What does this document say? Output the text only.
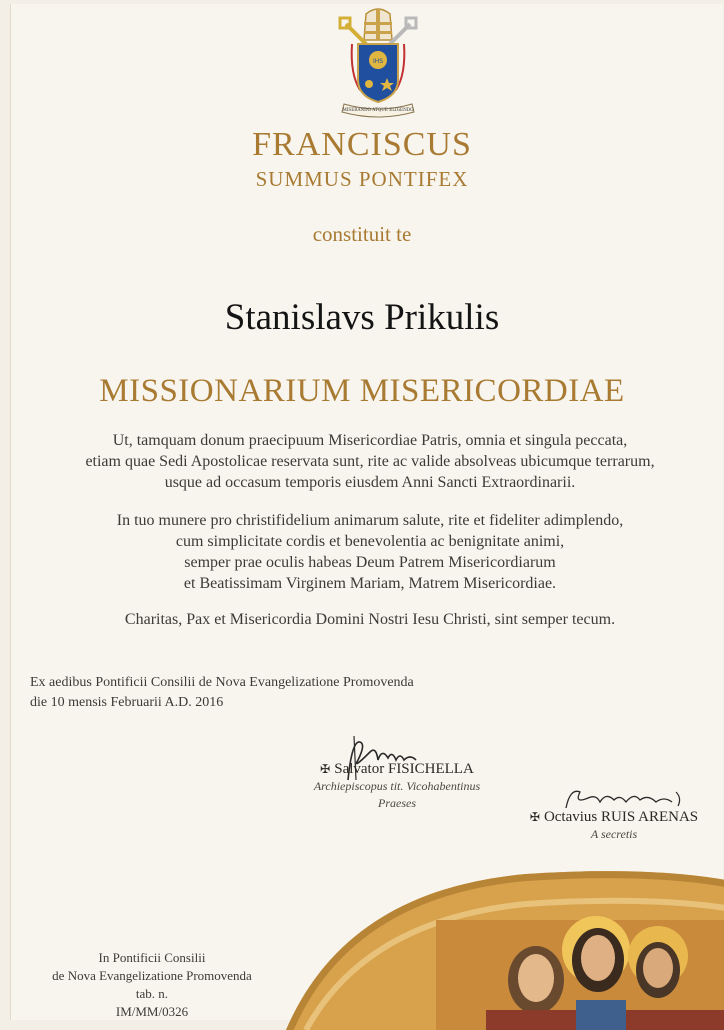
IHS
MISERANDO ATQUE ELIGENDO
FRANCISCUS
SUMMUS PONTIFEX
constituit te
Stanislavs Prikulis
MISSIONARIUM MISERICORDIAE
Ut, tamquam donum praecipuum Misericordiae Patris, omnia et singula peccata,
etiam quae Sedi Apostolicae reservata sunt, rite ac valide absolveas ubicumque terrarum,
usque ad occasum temporis eiusdem Anni Sancti Extraordinarii.
In tuo munere pro christifidelium animarum salute, rite et fideliter adimplendo,
cum simplicitate cordis et benevolentia ac benignitate animi,
semper prae oculis habeas Deum Patrem Misericordiarum
et Beatissimam Virginem Mariam, Matrem Misericordiae.
Charitas, Pax et Misericordia Domini Nostri Iesu Christi, sint semper tecum.
Ex aedibus Pontificii Consilii de Nova Evangelizatione Promovenda
die 10 mensis Februarii A.D. 2016
✠ Salvator FISICHELLA
Archiepiscopus tit. Vicohabentinus
Praeses
✠ Octavius RUIS ARENAS
A secretis
In Pontificii Consilii
de Nova Evangelizatione Promovenda
tab. n.
IM/MM/0326
